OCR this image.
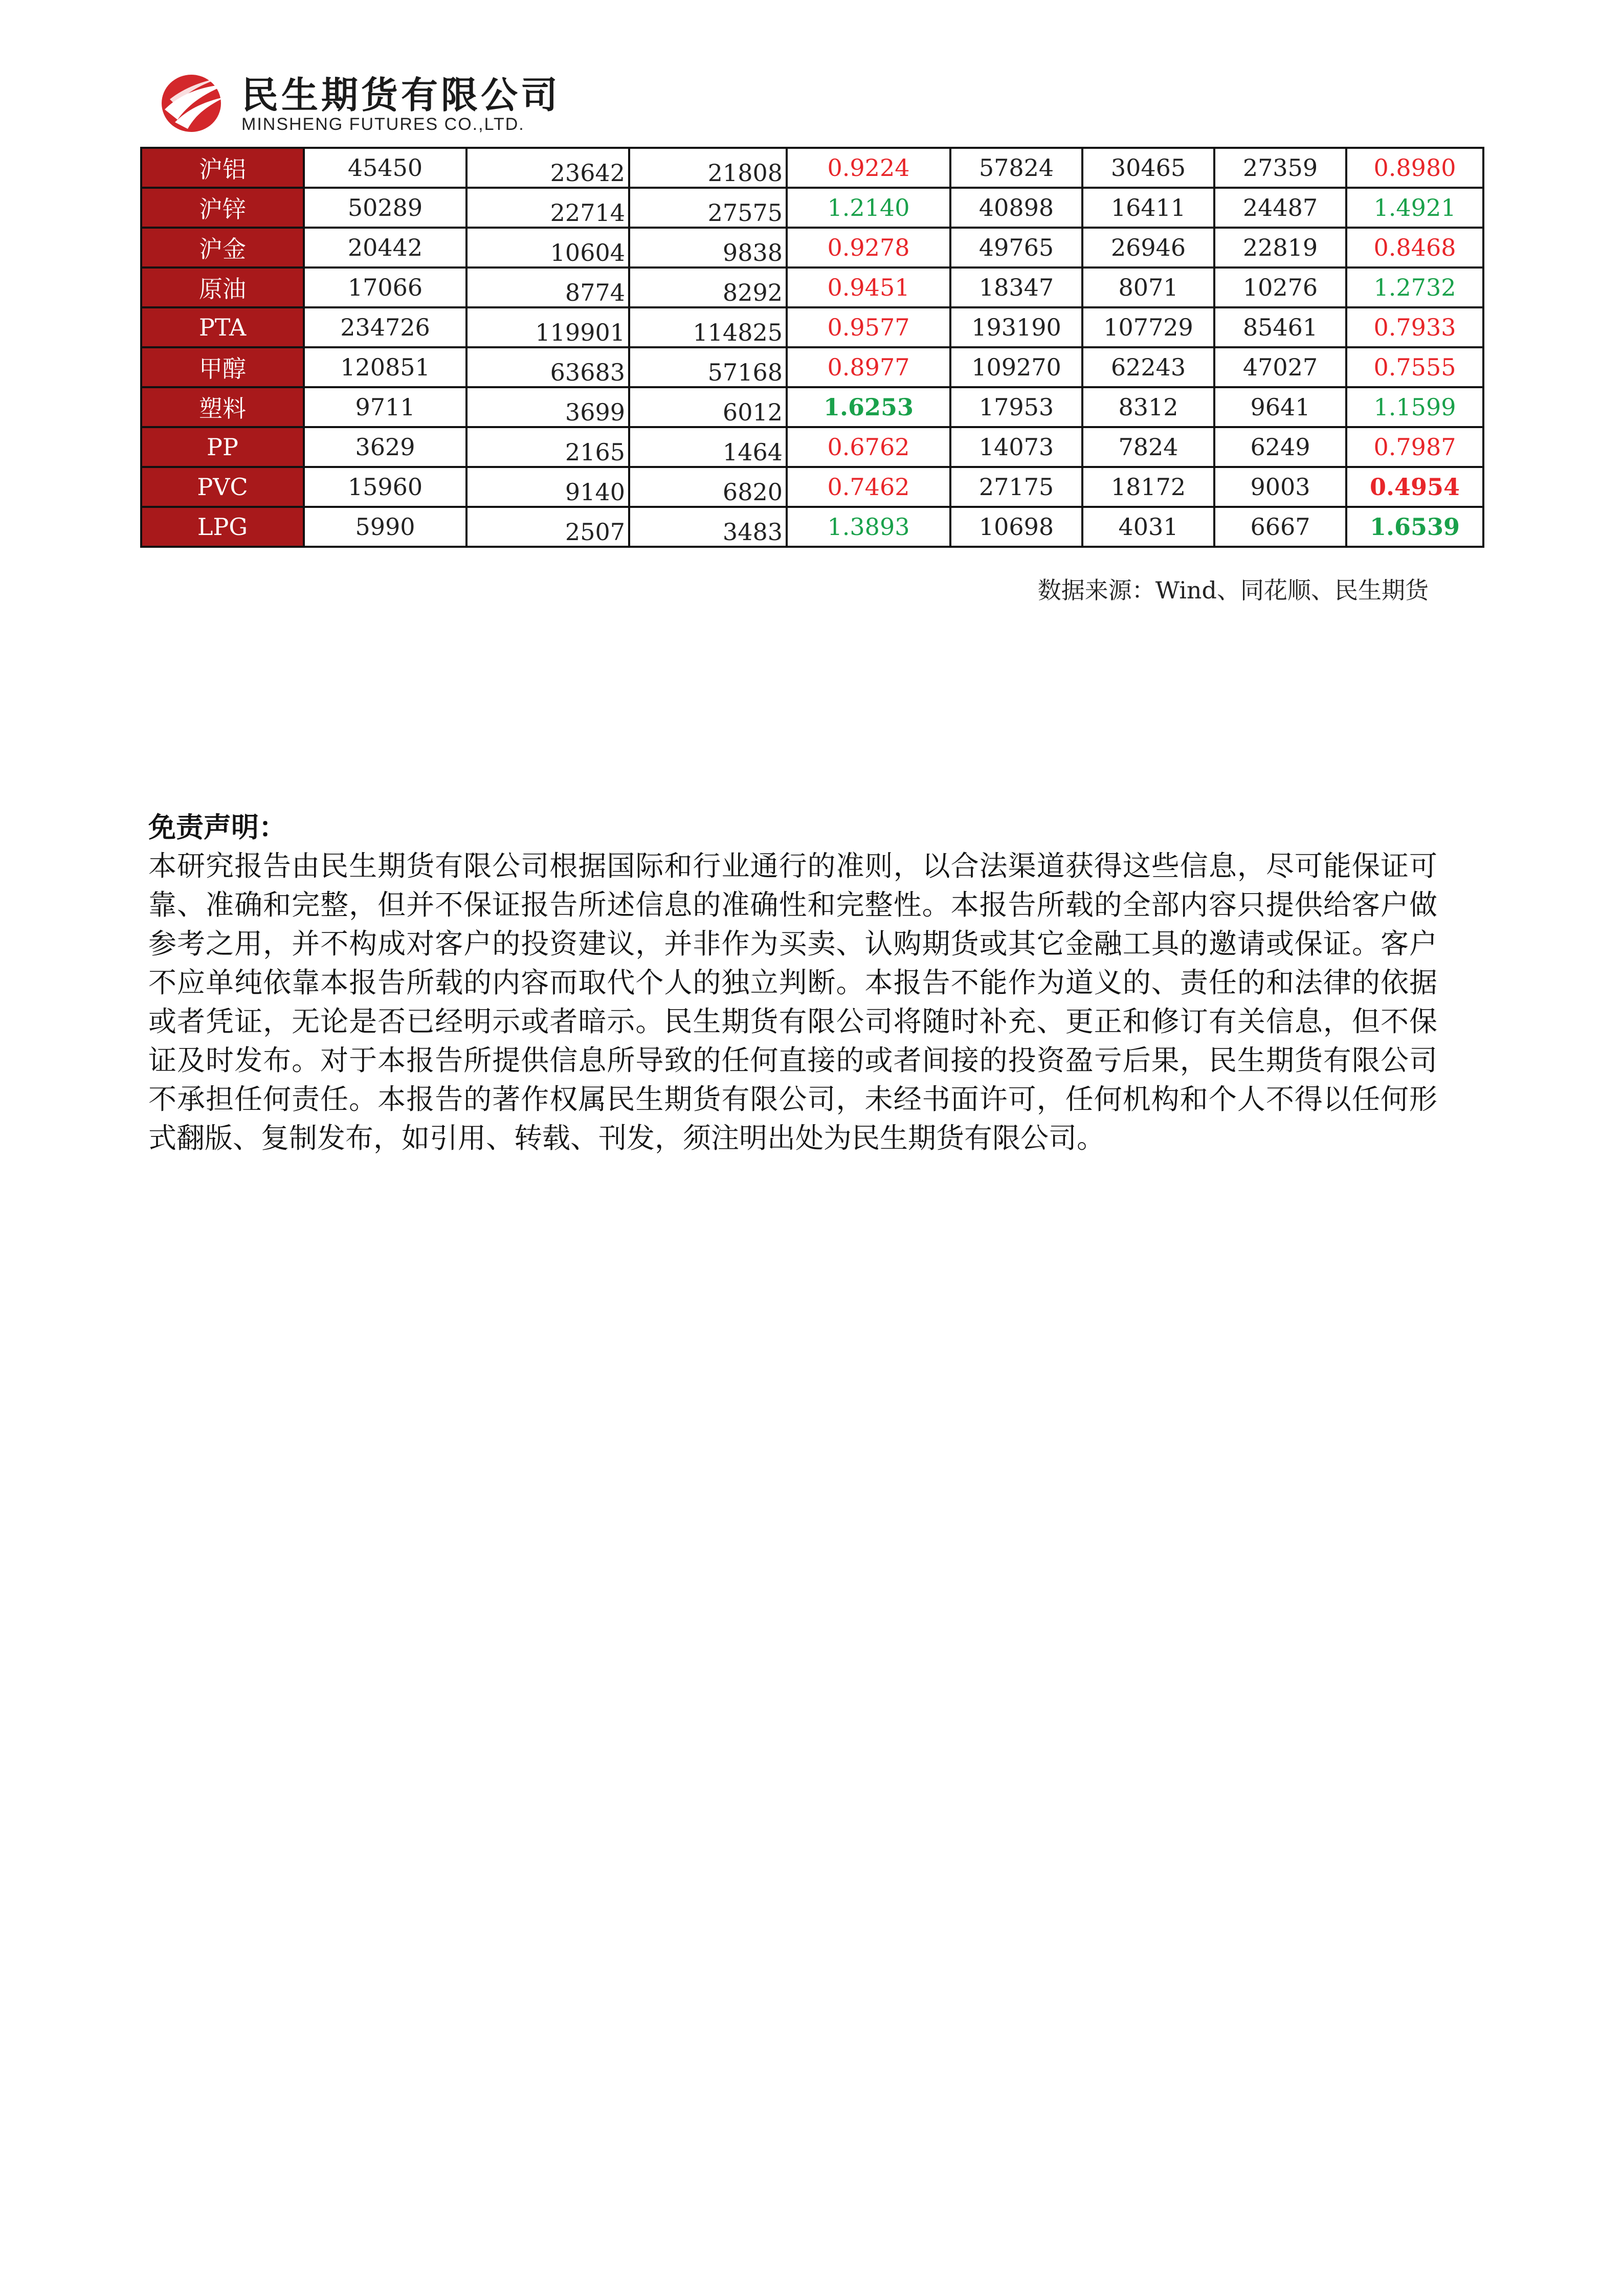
民生期货有限公司
MINSHENG FUTURES CO.,LTD.
沪铝	45450	23642	21808	0.9224	57824	30465	27359	0.8980
沪锌	50289	22714	27575	1.2140	40898	16411	24487	1.4921
沪金	20442	10604	9838	0.9278	49765	26946	22819	0.8468
原油	17066	8774	8292	0.9451	18347	8071	10276	1.2732
PTA	234726	119901	114825	0.9577	193190	107729	85461	0.7933
甲醇	120851	63683	57168	0.8977	109270	62243	47027	0.7555
塑料	9711	3699	6012	1.6253	17953	8312	9641	1.1599
PP	3629	2165	1464	0.6762	14073	7824	6249	0.7987
PVC	15960	9140	6820	0.7462	27175	18172	9003	0.4954
LPG	5990	2507	3483	1.3893	10698	4031	6667	1.6539
数据来源：Wind、同花顺、民生期货
免责声明：
本研究报告由民生期货有限公司根据国际和行业通行的准则，以合法渠道获得这些信息，尽可能保证可靠、准确和完整，但并不保证报告所述信息的准确性和完整性。本报告所载的全部内容只提供给客户做参考之用，并不构成对客户的投资建议，并非作为买卖、认购期货或其它金融工具的邀请或保证。客户不应单纯依靠本报告所载的内容而取代个人的独立判断。本报告不能作为道义的、责任的和法律的依据或者凭证，无论是否已经明示或者暗示。民生期货有限公司将随时补充、更正和修订有关信息，但不保证及时发布。对于本报告所提供信息所导致的任何直接的或者间接的投资盈亏后果，民生期货有限公司不承担任何责任。本报告的著作权属民生期货有限公司，未经书面许可，任何机构和个人不得以任何形式翻版、复制发布，如引用、转载、刊发，须注明出处为民生期货有限公司。
